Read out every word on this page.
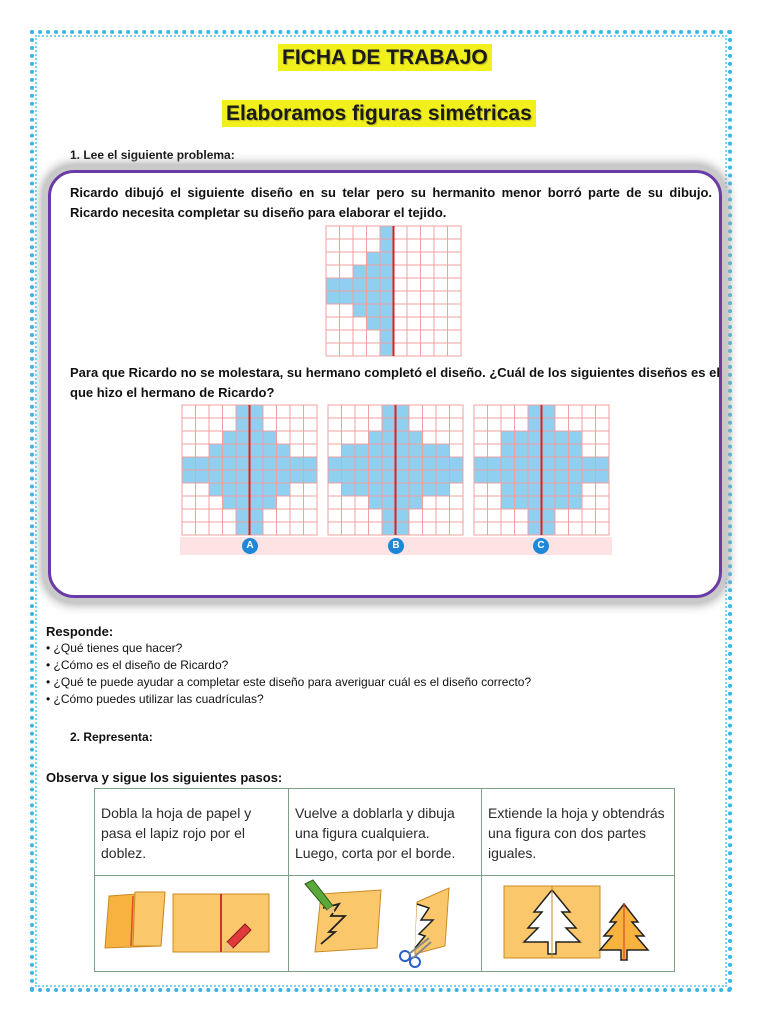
FICHA DE TRABAJO
Elaboramos figuras simétricas
1. Lee el siguiente problema:
Ricardo dibujó el siguiente diseño en su telar pero su hermanito menor borró parte de su dibujo. Ricardo necesita completar su diseño para elaborar el tejido.
Para que Ricardo no se molestara, su hermano completó el diseño. ¿Cuál de los siguientes diseños es el que hizo el hermano de Ricardo?
A	B	C
Responde:
• ¿Qué tienes que hacer?
• ¿Cómo es el diseño de Ricardo?
• ¿Qué te puede ayudar a completar este diseño para averiguar cuál es el diseño correcto?
• ¿Cómo puedes utilizar las cuadrículas?
2. Representa:
Observa y sigue los siguientes pasos:
Dobla la hoja de papel y pasa el lapiz rojo por el doblez.
Vuelve a doblarla y dibuja una figura cualquiera. Luego, corta por el borde.
Extiende la hoja y obtendrás una figura con dos partes iguales.
